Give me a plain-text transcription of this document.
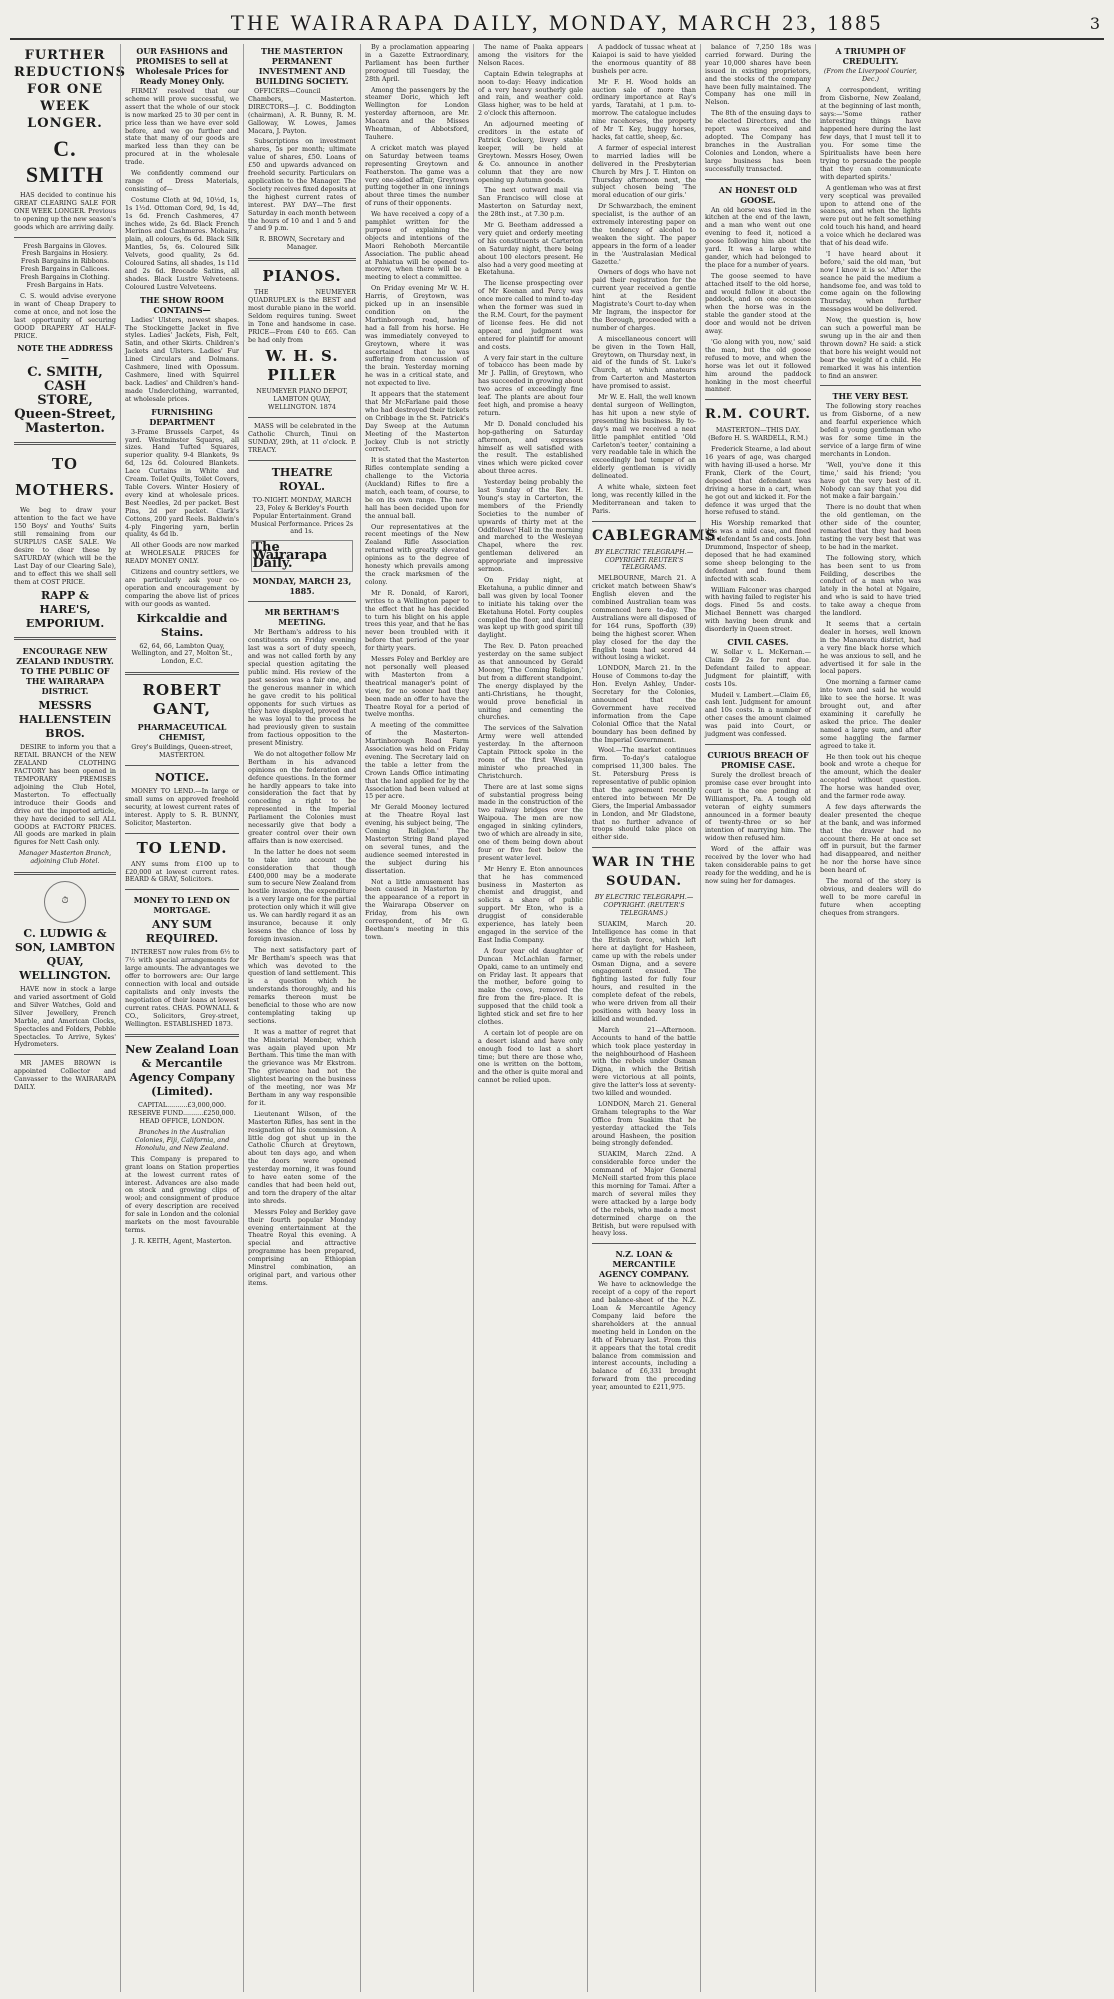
THE WAIRARAPA DAILY, MONDAY, MARCH 23, 1885	3
FURTHER REDUCTIONS FOR ONE WEEK LONGER.
C. SMITH

HAS decided to continue his GREAT CLEARING SALE FOR ONE WEEK LONGER. Previous to opening up the new season's goods which are arriving daily.

Fresh Bargains in Gloves. Fresh Bargains in Hosiery. Fresh Bargains in Ribbons. Fresh Bargains in Calicoes. Fresh Bargains in Clothing. Fresh Bargains in Hats.

C. S. would advise everyone in want of Cheap Drapery to come at once, and not lose the last opportunity of securing GOOD DRAPERY AT HALF-PRICE.

NOTE THE ADDRESS—
C. SMITH, CASH STORE, Queen-Street, Masterton.
TO MOTHERS.

We beg to draw your attention to the fact we have 150 Boys' and Youths' Suits still remaining from our SURPLUS CASE SALE. We desire to clear these by SATURDAY (which will be the Last Day of our Clearing Sale), and to effect this we shall sell them at COST PRICE.

RAPP & HARE'S, EMPORIUM.
ENCOURAGE NEW ZEALAND INDUSTRY. TO THE PUBLIC OF THE WAIRARAPA DISTRICT.
MESSRS HALLENSTEIN BROS.

DESIRE to inform you that a RETAIL BRANCH of the NEW ZEALAND CLOTHING FACTORY has been opened in TEMPORARY PREMISES adjoining the Club Hotel, Masterton. To effectually introduce their Goods and drive out the imported article, they have decided to sell ALL GOODS at FACTORY PRICES. All goods are marked in plain figures for Nett Cash only.

Manager Masterton Branch, adjoining Club Hotel.

⏱
C. LUDWIG & SON, LAMBTON QUAY, WELLINGTON.

HAVE now in stock a large and varied assortment of Gold and Silver Watches, Gold and Silver Jewellery, French Marble, and American Clocks, Spectacles and Folders, Pebble Spectacles. To Arrive, Sykes' Hydrometers.

MR JAMES BROWN is appointed Collector and Canvasser to the WAIRARAPA DAILY.

OUR FASHIONS and PROMISES to sell at Wholesale Prices for Ready Money Only.

FIRMLY resolved that our scheme will prove successful, we assert that the whole of our stock is now marked 25 to 30 per cent in price less than we have ever sold before, and we go further and state that many of our goods are marked less than they can be procured at in the wholesale trade.

We confidently commend our range of Dress Materials, consisting of—

Costume Cloth at 9d, 10½d, 1s, 1s 1½d. Ottoman Cord, 9d, 1s 4d, 1s 6d. French Cashmeres, 47 inches wide, 2s 6d. Black French Merinos and Cashmeres. Mohairs, plain, all colours, 6s 6d. Black Silk Mantles, 5s, 6s. Coloured Silk Velvets, good quality, 2s 6d. Coloured Satins, all shades, 1s 11d and 2s 6d. Brocade Satins, all shades. Black Lustre Velveteens. Coloured Lustre Velveteens.

THE SHOW ROOM CONTAINS—

Ladies' Ulsters, newest shapes. The Stockingette Jacket in five styles. Ladies' Jackets, Fish, Felt, Satin, and other Skirts. Children's Jackets and Ulsters. Ladies' Fur Lined Circulars and Dolmans. Cashmere, lined with Opossum. Cashmere, lined with Squirrel back. Ladies' and Children's hand-made Underclothing, warranted, at wholesale prices.

FURNISHING DEPARTMENT

3-Frame Brussels Carpet, 4s yard. Westminster Squares, all sizes. Hand Tufted Squares, superior quality. 9-4 Blankets, 9s 6d, 12s 6d. Coloured Blankets. Lace Curtains in White and Cream. Toilet Quilts, Toilet Covers, Table Covers. Winter Hosiery of every kind at wholesale prices. Best Needles, 2d per packet. Best Pins, 2d per packet. Clark's Cottons, 200 yard Reels. Baldwin's 4-ply Fingering yarn, berlin quality, 4s 6d lb.

All other Goods are now marked at WHOLESALE PRICES for READY MONEY ONLY.

Citizens and country settlers, we are particularly ask your co-operation and encouragement by comparing the above list of prices with our goods as wanted.

Kirkcaldie and Stains.

62, 64, 66, Lambton Quay, Wellington, and 27, Molton St., London, E.C.

ROBERT GANT,
PHARMACEUTICAL CHEMIST,

Grey's Buildings, Queen-street, MASTERTON.

NOTICE.

MONEY TO LEND.—In large or small sums on approved freehold security, at lowest current rates of interest. Apply to S. R. BUNNY, Solicitor, Masterton.

TO LEND.

ANY sums from £100 up to £20,000 at lowest current rates. BEARD & GRAY, Solicitors.

MONEY TO LEND ON MORTGAGE.
ANY SUM REQUIRED.

INTEREST now rules from 6½ to 7½ with special arrangements for large amounts. The advantages we offer to borrowers are: Our large connection with local and outside capitalists and only invests the negotiation of their loans at lowest current rates. CHAS. POWNALL & CO., Solicitors, Grey-street, Wellington. ESTABLISHED 1873.

New Zealand Loan & Mercantile Agency Company (Limited).

CAPITAL..........£3,000,000. RESERVE FUND..........£250,000. HEAD OFFICE, LONDON.

Branches in the Australian Colonies, Fiji, California, and Honolulu, and New Zealand.

This Company is prepared to grant loans on Station properties at the lowest current rates of interest. Advances are also made on stock and growing clips of wool; and consignment of produce of every description are received for sale in London and the colonial markets on the most favourable terms.

J. R. KEITH, Agent, Masterton.

THE MASTERTON PERMANENT INVESTMENT AND BUILDING SOCIETY.

OFFICERS—Council Chambers, Masterton. DIRECTORS—J. C. Boddington (chairman), A. R. Bunny, R. M. Galloway, W. Lowes, James Macara, J. Payton.

Subscriptions on investment shares, 5s per month; ultimate value of shares, £50. Loans of £50 and upwards advanced on freehold security. Particulars on application to the Manager. The Society receives fixed deposits at the highest current rates of interest. PAY DAY—The first Saturday in each month between the hours of 10 and 1 and 5 and 7 and 9 p.m.

R. BROWN, Secretary and Manager.

PIANOS.

THE NEUMEYER QUADRUPLEX is the BEST and most durable piano in the world. Seldom requires tuning. Sweet in Tone and handsome in case. PRICE—From £40 to £65. Can be had only from

W. H. S. PILLER

NEUMEYER PIANO DEPOT, LAMBTON QUAY, WELLINGTON. 1874

MASS will be celebrated in the Catholic Church, Tinui on SUNDAY, 29th, at 11 o'clock. P. TREACY.

THEATRE ROYAL.

TO-NIGHT. MONDAY, MARCH 23, Foley & Berkley's Fourth Popular Entertainment. Grand Musical Performance. Prices 2s and 1s.

The Wairarapa Daily.
MONDAY, MARCH 23, 1885.
MR BERTHAM'S MEETING.

Mr Bertham's address to his constituents on Friday evening last was a sort of duty speech, and was not called forth by any special question agitating the public mind. His review of the past session was a fair one, and the generous manner in which he gave credit to his political opponents for such virtues as they have displayed, proved that he was loyal to the process he had previously given to sustain from factious opposition to the present Ministry.

We do not altogether follow Mr Bertham in his advanced opinions on the federation and defence questions. In the former he hardly appears to take into consideration the fact that by conceding a right to be represented in the Imperial Parliament the Colonies must necessarily give that body a greater control over their own affairs than is now exercised.

In the latter he does not seem to take into account the consideration that though £400,000 may be a moderate sum to secure New Zealand from hostile invasion, the expenditure is a very large one for the partial protection only which it will give us. We can hardly regard it as an insurance, because it only lessens the chance of loss by foreign invasion.

The next satisfactory part of Mr Bertham's speech was that which was devoted to the question of land settlement. This is a question which he understands thoroughly, and his remarks thereon must be beneficial to those who are now contemplating taking up sections.

It was a matter of regret that the Ministerial Member, which was again played upon Mr Bertham. This time the man with the grievance was Mr Ekstrom. The grievance had not the slightest bearing on the business of the meeting, nor was Mr Bertham in any way responsible for it.

Lieutenant Wilson, of the Masterton Rifles, has sent in the resignation of his commission. A little dog got shut up in the Catholic Church at Greytown, about ten days ago, and when the doors were opened yesterday morning, it was found to have eaten some of the candles that had been held out, and torn the drapery of the altar into shreds.

Messrs Foley and Berkley gave their fourth popular Monday evening entertainment at the Theatre Royal this evening. A special and attractive programme has been prepared, comprising an Ethiopian Minstrel combination, an original part, and various other items.

By a proclamation appearing in a Gazette Extraordinary, Parliament has been further prorogued till Tuesday, the 28th April.

Among the passengers by the steamer Doric, which left Wellington for London yesterday afternoon, are Mr. Macara and the Misses Wheatman, of Abbotsford, Tauhere.

A cricket match was played on Saturday between teams representing Greytown and Featherston. The game was a very one-sided affair, Greytown putting together in one innings about three times the number of runs of their opponents.

We have received a copy of a pamphlet written for the purpose of explaining the objects and intentions of the Maori Rehoboth Mercantile Association. The public ahead at Pahiatua will be opened to-morrow, when there will be a meeting to elect a committee.

On Friday evening Mr W. H. Harris, of Greytown, was picked up in an insensible condition on the Martinborough road, having had a fall from his horse. He was immediately conveyed to Greytown, where it was ascertained that he was suffering from concussion of the brain. Yesterday morning he was in a critical state, and not expected to live.

It appears that the statement that Mr McFarlane paid those who had destroyed their tickets on Cribbage in the St. Patrick's Day Sweep at the Autumn Meeting of the Masterton Jockey Club is not strictly correct.

It is stated that the Masterton Rifles contemplate sending a challenge to the Victoria (Auckland) Rifles to fire a match, each team, of course, to be on its own range. The new hall has been decided upon for the annual ball.

Our representatives at the recent meetings of the New Zealand Rifle Association returned with greatly elevated opinions as to the degree of honesty which prevails among the crack marksmen of the colony.

Mr R. Donald, of Karori, writes to a Wellington paper to the effect that he has decided to turn his blight on his apple trees this year, and that he has never been troubled with it before that period of the year for thirty years.

Messrs Foley and Berkley are not personally well pleased with Masterton from a theatrical manager's point of view, for no sooner had they been made an offer to have the Theatre Royal for a period of twelve months.

A meeting of the committee of the Masterton-Martinborough Road Farm Association was held on Friday evening. The Secretary laid on the table a letter from the Crown Lands Office intimating that the land applied for by the Association had been valued at 15 per acre.

Mr Gerald Mooney lectured at the Theatre Royal last evening, his subject being, 'The Coming Religion.' The Masterton String Band played on several tunes, and the audience seemed interested in the subject during his dissertation.

Not a little amusement has been caused in Masterton by the appearance of a report in the Wairarapa Observer on Friday, from his own correspondent, of Mr G. Beetham's meeting in this town.

The name of Paaka appears among the visitors for the Nelson Races.

Captain Edwin telegraphs at noon to-day: Heavy indication of a very heavy southerly gale and rain, and weather cold. Glass higher, was to be held at 2 o'clock this afternoon.

An adjourned meeting of creditors in the estate of Patrick Cockery, livery stable keeper, will be held at Greytown. Messrs Hosey, Owen & Co. announce in another column that they are now opening up Autumn goods.

The next outward mail via San Francisco will close at Masterton on Saturday next, the 28th inst., at 7.30 p.m.

Mr G. Beetham addressed a very quiet and orderly meeting of his constituents at Carterton on Saturday night, there being about 100 electors present. He also had a very good meeting at Eketahuna.

The license prospecting over of Mr Keenan and Percy was once more called to mind to-day when the former was sued in the R.M. Court, for the payment of license fees. He did not appear, and judgment was entered for plaintiff for amount and costs.

A very fair start in the culture of tobacco has been made by Mr J. Pallin, of Greytown, who has succeeded in growing about two acres of exceedingly fine leaf. The plants are about four feet high, and promise a heavy return.

Mr D. Donald concluded his hop-gathering on Saturday afternoon, and expresses himself as well satisfied with the result. The established vines which were picked cover about three acres.

Yesterday being probably the last Sunday of the Rev. H. Young's stay in Carterton, the members of the Friendly Societies to the number of upwards of thirty met at the Oddfellows' Hall in the morning and marched to the Wesleyan Chapel, where the rev. gentleman delivered an appropriate and impressive sermon.

On Friday night, at Eketahuna, a public dinner and ball was given by local Tooner to initiate his taking over the Eketahuna Hotel. Forty couples compiled the floor, and dancing was kept up with good spirit till daylight.

The Rev. D. Paton preached yesterday on the same subject as that announced by Gerald Mooney, 'The Coming Religion,' but from a different standpoint. The energy displayed by the anti-Christians, he thought, would prove beneficial in uniting and cementing the churches.

The services of the Salvation Army were well attended yesterday. In the afternoon Captain Pittock spoke in the room of the first Wesleyan minister who preached in Christchurch.

There are at last some signs of substantial progress being made in the construction of the two railway bridges over the Waipoua. The men are now engaged in sinking cylinders, two of which are already in site, one of them being down about four or five feet below the present water level.

Mr Henry E. Eton announces that he has commenced business in Masterton as chemist and druggist, and solicits a share of public support. Mr Eton, who is a druggist of considerable experience, has lately been engaged in the service of the East India Company.

A four year old daughter of Duncan McLachlan farmer, Opaki, came to an untimely end on Friday last. It appears that the mother, before going to make the cows, removed the fire from the fire-place. It is supposed that the child took a lighted stick and set fire to her clothes.

A certain lot of people are on a desert island and have only enough food to last a short time; but there are those who, one is written on the bottom, and the other is quite moral and cannot be relied upon.

A paddock of tussac wheat at Kaiapoi is said to have yielded the enormous quantity of 88 bushels per acre.

Mr F. H. Wood holds an auction sale of more than ordinary importance at Ray's yards, Taratahi, at 1 p.m. to-morrow. The catalogue includes nine racehorses, the property of Mr T. Key, buggy horses, hacks, fat cattle, sheep, &c.

A farmer of especial interest to married ladies will be delivered in the Presbyterian Church by Mrs J. T. Hinton on Thursday afternoon next, the subject chosen being 'The moral education of our girls.'

Dr Schwarzbach, the eminent specialist, is the author of an extremely interesting paper on the tendency of alcohol to weaken the sight. The paper appears in the form of a leader in the 'Australasian Medical Gazette.'

Owners of dogs who have not paid their registration for the current year received a gentle hint at the Resident Magistrate's Court to-day when Mr Ingram, the inspector for the Borough, proceeded with a number of charges.

A miscellaneous concert will be given in the Town Hall, Greytown, on Thursday next, in aid of the funds of St. Luke's Church, at which amateurs from Carterton and Masterton have promised to assist.

Mr W. E. Hall, the well known dental surgeon of Wellington, has hit upon a new style of presenting his business. By to-day's mail we received a neat little pamphlet entitled 'Old Carleton's teeter,' containing a very readable tale in which the exceedingly bad temper of an elderly gentleman is vividly delineated.

A white whale, sixteen feet long, was recently killed in the Mediterranean and taken to Paris.

CABLEGRAMS.

BY ELECTRIC TELEGRAPH.—COPYRIGHT. REUTER'S TELEGRAMS.

MELBOURNE, March 21. A cricket match between Shaw's English eleven and the combined Australian team was commenced here to-day. The Australians were all disposed of for 164 runs, Spofforth (39) being the highest scorer. When play closed for the day the English team had scored 44 without losing a wicket.

LONDON, March 21. In the House of Commons to-day the Hon. Evelyn Ashley, Under-Secretary for the Colonies, announced that the Government have received information from the Cape Colonial Office that the Natal boundary has been defined by the Imperial Government.

Wool.—The market continues firm. To-day's catalogue comprised 11,300 bales. The St. Petersburg Press is representative of public opinion that the agreement recently entered into between Mr De Giers, the Imperial Ambassador in London, and Mr Gladstone, that no further advance of troops should take place on either side.

WAR IN THE SOUDAN.

BY ELECTRIC TELEGRAPH.—COPYRIGHT. (REUTER'S TELEGRAMS.)

SUAKIM, March 20. Intelligence has come in that the British force, which left here at daylight for Hasheen, came up with the rebels under Osman Digna, and a severe engagement ensued. The fighting lasted for fully four hours, and resulted in the complete defeat of the rebels, who were driven from all their positions with heavy loss in killed and wounded.

March 21—Afternoon. Accounts to hand of the battle which took place yesterday in the neighbourhood of Hasheen with the rebels under Osman Digna, in which the British were victorious at all points, give the latter's loss at seventy-two killed and wounded.

LONDON, March 21. General Graham telegraphs to the War Office from Suakim that he yesterday attacked the Tels around Hasheen, the position being strongly defended.

SUAKIM, March 22nd. A considerable force under the command of Major General McNeill started from this place this morning for Tamai. After a march of several miles they were attacked by a large body of the rebels, who made a most determined charge on the British, but were repulsed with heavy loss.

N.Z. LOAN & MERCANTILE AGENCY COMPANY.

We have to acknowledge the receipt of a copy of the report and balance-sheet of the N.Z. Loan & Mercantile Agency Company laid before the shareholders at the annual meeting held in London on the 4th of February last. From this it appears that the total credit balance from commission and interest accounts, including a balance of £6,331 brought forward from the preceding year, amounted to £211,975.

balance of 7,250 18s was carried forward. During the year 10,000 shares have been issued in existing proprietors, and the stocks of the company have been fully maintained. The Company has one mill in Nelson.

The 8th of the ensuing days to be elected Directors, and the report was received and adopted. The Company has branches in the Australian Colonies and London, where a large business has been successfully transacted.

AN HONEST OLD GOOSE.

An old horse was tied in the kitchen at the end of the lawn, and a man who went out one evening to feed it, noticed a goose following him about the yard. It was a large white gander, which had belonged to the place for a number of years.

The goose seemed to have attached itself to the old horse, and would follow it about the paddock, and on one occasion when the horse was in the stable the gander stood at the door and would not be driven away.

'Go along with you, now,' said the man, but the old goose refused to move, and when the horse was let out it followed him around the paddock honking in the most cheerful manner.

R.M. COURT.

MASTERTON—THIS DAY. (Before H. S. WARDELL, R.M.)

Frederick Stearne, a lad about 16 years of age, was charged with having ill-used a horse. Mr Frank, Clerk of the Court, deposed that defendant was driving a horse in a cart, when he got out and kicked it. For the defence it was urged that the horse refused to stand.

His Worship remarked that this was a mild case, and fined the defendant 5s and costs. John Drummond, Inspector of sheep, deposed that he had examined some sheep belonging to the defendant and found them infected with scab.

William Falconer was charged with having failed to register his dogs. Fined 5s and costs. Michael Bennett was charged with having been drunk and disorderly in Queen street.

CIVIL CASES.

W. Sollar v. L. McKernan.—Claim £9 2s for rent due. Defendant failed to appear. Judgment for plaintiff, with costs 10s.

Mudeil v. Lambert.—Claim £6, cash lent. Judgment for amount and 10s costs. In a number of other cases the amount claimed was paid into Court, or judgment was confessed.

CURIOUS BREACH OF PROMISE CASE.

Surely the drollest breach of promise case ever brought into court is the one pending at Williamsport, Pa. A tough old veteran of eighty summers announced in a former beauty of twenty-three or so her intention of marrying him. The widow then refused him.

Word of the affair was received by the lover who had taken considerable pains to get ready for the wedding, and he is now suing her for damages.

A TRIUMPH OF CREDULITY.

(From the Liverpool Courier, Dec.)

A correspondent, writing from Gisborne, New Zealand, at the beginning of last month, says:—'Some rather interesting things have happened here during the last few days, that I must tell it to you. For some time the Spiritualists have been here trying to persuade the people that they can communicate with departed spirits.'

A gentleman who was at first very sceptical was prevailed upon to attend one of the seances, and when the lights were put out he felt something cold touch his hand, and heard a voice which he declared was that of his dead wife.

'I have heard about it before,' said the old man, 'but now I know it is so.' After the seance he paid the medium a handsome fee, and was told to come again on the following Thursday, when further messages would be delivered.

Now, the question is, how can such a powerful man be swung up in the air and then thrown down? He said: a stick that bore his weight would not bear the weight of a child. He remarked it was his intention to find an answer.

THE VERY BEST.

The following story reaches us from Gisborne, of a new and fearful experience which befell a young gentleman who was for some time in the service of a large firm of wine merchants in London.

'Well, you've done it this time,' said his friend; 'you have got the very best of it. Nobody can say that you did not make a fair bargain.'

There is no doubt that when the old gentleman, on the other side of the counter, remarked that they had been tasting the very best that was to be had in the market.

The following story, which has been sent to us from Feilding, describes the conduct of a man who was lately in the hotel at Ngaire, and who is said to have tried to take away a cheque from the landlord.

It seems that a certain dealer in horses, well known in the Manawatu district, had a very fine black horse which he was anxious to sell, and he advertised it for sale in the local papers.

One morning a farmer came into town and said he would like to see the horse. It was brought out, and after examining it carefully he asked the price. The dealer named a large sum, and after some haggling the farmer agreed to take it.

He then took out his cheque book and wrote a cheque for the amount, which the dealer accepted without question. The horse was handed over, and the farmer rode away.

A few days afterwards the dealer presented the cheque at the bank, and was informed that the drawer had no account there. He at once set off in pursuit, but the farmer had disappeared, and neither he nor the horse have since been heard of.

The moral of the story is obvious, and dealers will do well to be more careful in future when accepting cheques from strangers.
